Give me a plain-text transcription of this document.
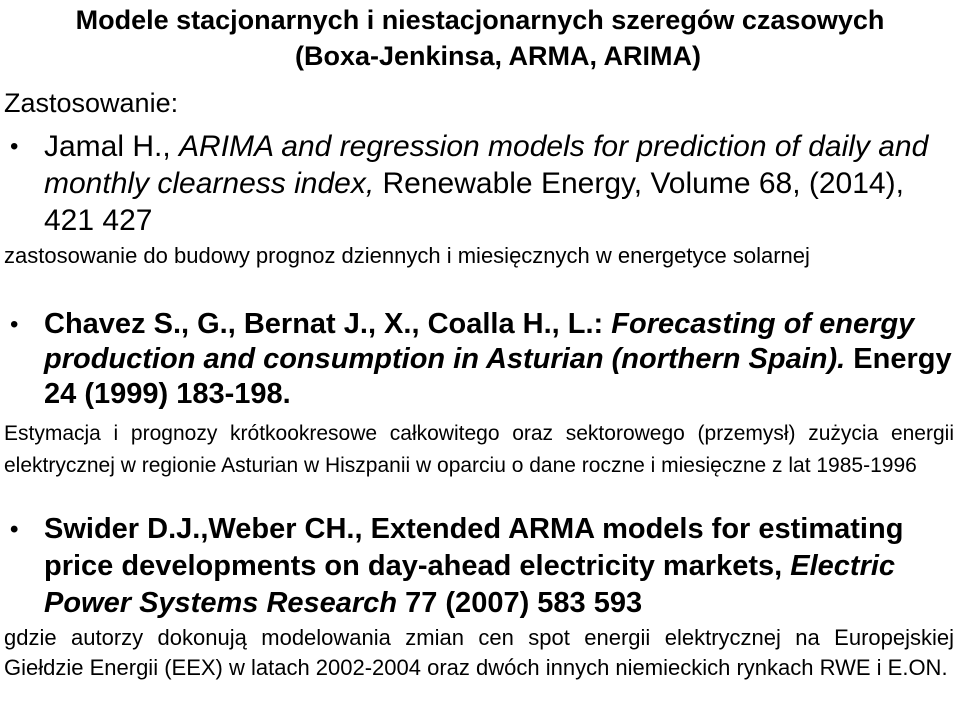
Modele stacjonarnych i niestacjonarnych szeregów czasowych
(Boxa-Jenkinsa, ARMA, ARIMA)
Zastosowanie:
• Jamal H., ARIMA and regression models for prediction of daily and monthly clearness index, Renewable Energy, Volume 68, (2014), 421 427
zastosowanie do budowy prognoz dziennych i miesięcznych w energetyce solarnej
• Chavez S., G., Bernat J., X., Coalla H., L.: Forecasting of energy production and consumption in Asturian (northern Spain). Energy 24 (1999) 183-198.
Estymacja i prognozy krótkookresowe całkowitego oraz sektorowego (przemysł) zużycia energii elektrycznej w regionie Asturian w Hiszpanii w oparciu o dane roczne i miesięczne z lat 1985-1996
• Swider D.J.,Weber CH., Extended ARMA models for estimating price developments on day-ahead electricity markets, Electric Power Systems Research 77 (2007) 583 593
gdzie autorzy dokonują modelowania zmian cen spot energii elektrycznej na Europejskiej Giełdzie Energii (EEX) w latach 2002-2004 oraz dwóch innych niemieckich rynkach RWE i E.ON.
